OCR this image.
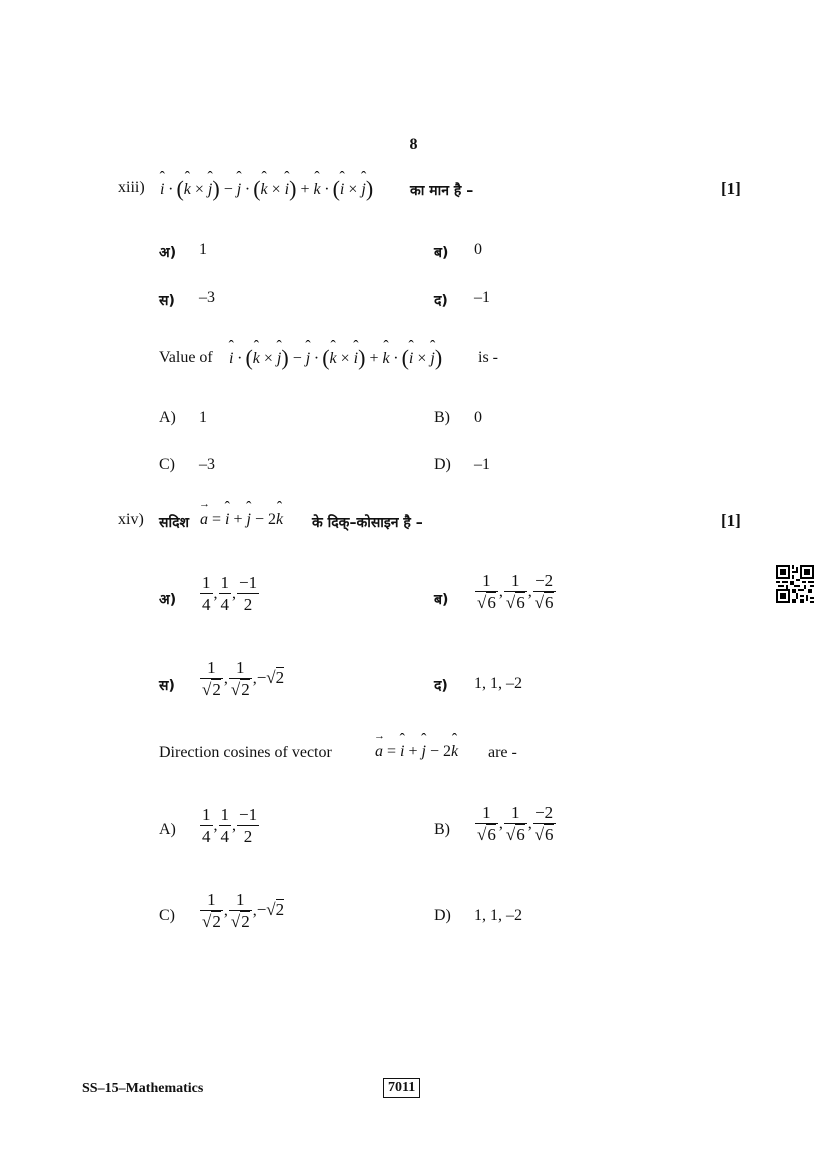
8
xiii) i ̂ · (k ̂ × j ̂) − j ̂ · (k ̂ × i ̂) + k ̂ · (i ̂ × j ̂)	का मान है –	[1]
अ) 1	ब) 0
स) –3	द) –1
Value of i ̂ · (k ̂ × j ̂) − j ̂ · (k ̂ × i ̂) + k ̂ · (i ̂ × j ̂) is -
A) 1	B) 0
C) –3	D) –1
xiv) सदिश a → = i ̂ + j ̂ − 2k ̂ के दिक्–कोसाइन है –	[1]
अ) $\frac{1}{4}$ , $\frac{1}{4}$ , $\frac{-1}{2}$	ब) $\frac{1}{√6}$ , $\frac{1}{√6}$ , $\frac{-2}{√6}$
स) $\frac{1}{√2}$ , $\frac{1}{√2} ,-√2$	द) 1, 1, –2
Direction cosines of vector	a → = i ̂ + j ̂ − 2k ̂ are -
$A) \frac{1}{4}$ , $\frac{1}{4}$ , $\frac{-1}{2}$	$B) \frac{1}{√6}$ , $\frac{1}{√6}$ , $\frac{-2}{√6}$
$C) \frac{1}{√2}$ , $\frac{1}{√2} ,-√2$	D) 1, 1, –2
SS–15–Mathematics	7011
